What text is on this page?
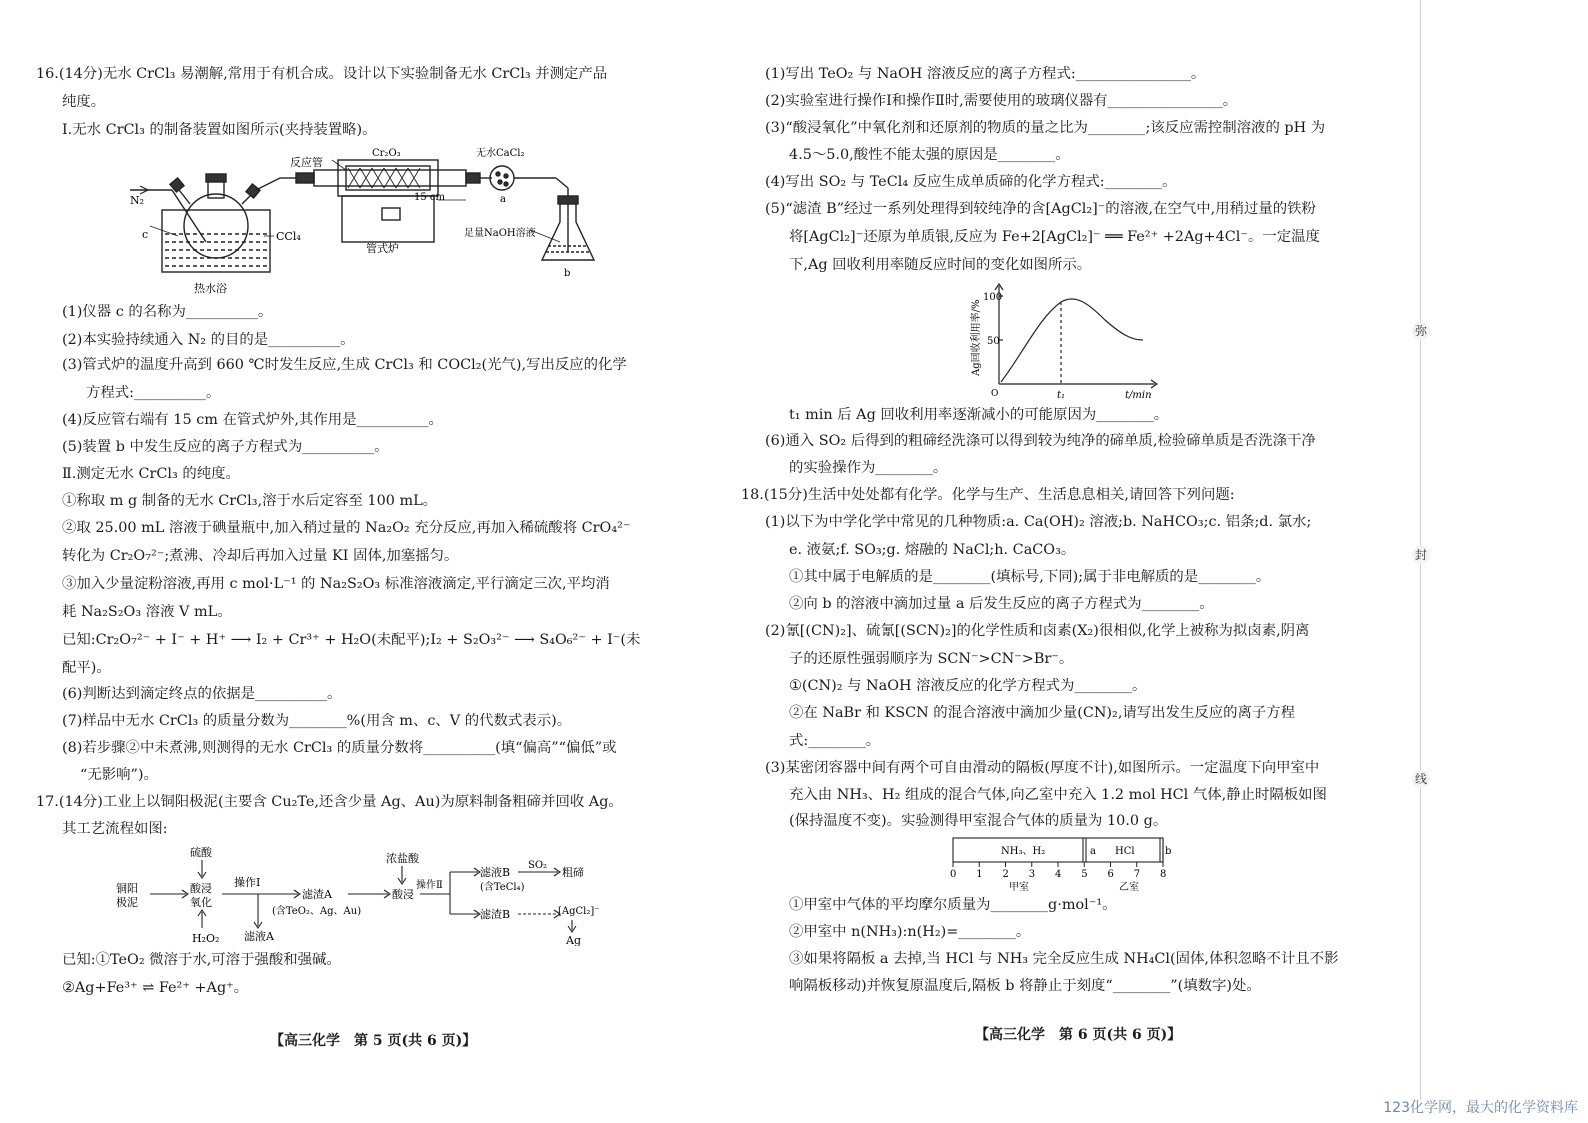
16.(14分)无水 CrCl₃ 易潮解,常用于有机合成。设计以下实验制备无水 CrCl₃ 并测定产品
纯度。
Ⅰ.无水 CrCl₃ 的制备装置如图所示(夹持装置略)。
N₂
c	CCl₄
热水浴
反应管
Cr₂O₃
管式炉
15 cm
无水CaCl₂
a
足量NaOH溶液
b
(1)仪器 c 的名称为__________。
(2)本实验持续通入 N₂ 的目的是__________。
(3)管式炉的温度升高到 660 ℃时发生反应,生成 CrCl₃ 和 COCl₂(光气),写出反应的化学
方程式:__________。
(4)反应管右端有 15 cm 在管式炉外,其作用是__________。
(5)装置 b 中发生反应的离子方程式为__________。
Ⅱ.测定无水 CrCl₃ 的纯度。
①称取 m g 制备的无水 CrCl₃,溶于水后定容至 100 mL。
②取 25.00 mL 溶液于碘量瓶中,加入稍过量的 Na₂O₂ 充分反应,再加入稀硫酸将 CrO₄²⁻
转化为 Cr₂O₇²⁻;煮沸、冷却后再加入过量 KI 固体,加塞摇匀。
③加入少量淀粉溶液,再用 c mol·L⁻¹ 的 Na₂S₂O₃ 标准溶液滴定,平行滴定三次,平均消
耗 Na₂S₂O₃ 溶液 V mL。
已知:Cr₂O₇²⁻ + I⁻ + H⁺ ⟶ I₂ + Cr³⁺ + H₂O(未配平);I₂ + S₂O₃²⁻ ⟶ S₄O₆²⁻ + I⁻(未
配平)。
(6)判断达到滴定终点的依据是__________。
(7)样品中无水 CrCl₃ 的质量分数为________%(用含 m、c、V 的代数式表示)。
(8)若步骤②中未煮沸,则测得的无水 CrCl₃ 的质量分数将__________(填“偏高”“偏低”或
“无影响”)。
17.(14分)工业上以铜阳极泥(主要含 Cu₂Te,还含少量 Ag、Au)为原料制备粗碲并回收 Ag。
其工艺流程如图:
铜阳
极泥
硫酸
酸浸
氧化
H₂O₂
操作Ⅰ
滤渣A
(含TeO₂、Ag、Au)
滤液A
浓盐酸
酸浸
操作Ⅱ
滤液B
(含TeCl₄)
SO₂
粗碲
滤渣B	[AgCl₂]⁻
Ag
已知:①TeO₂ 微溶于水,可溶于强酸和强碱。
②Ag+Fe³⁺ ⇌ Fe²⁺ +Ag⁺。
【高三化学　第 5 页(共 6 页)】
(1)写出 TeO₂ 与 NaOH 溶液反应的离子方程式:________________。
(2)实验室进行操作Ⅰ和操作Ⅱ时,需要使用的玻璃仪器有________________。
(3)“酸浸氧化”中氧化剂和还原剂的物质的量之比为________;该反应需控制溶液的 pH 为
4.5～5.0,酸性不能太强的原因是________。
(4)写出 SO₂ 与 TeCl₄ 反应生成单质碲的化学方程式:________。
(5)“滤渣 B”经过一系列处理得到较纯净的含[AgCl₂]⁻的溶液,在空气中,用稍过量的铁粉
将[AgCl₂]⁻还原为单质银,反应为 Fe+2[AgCl₂]⁻ ══ Fe²⁺ +2Ag+4Cl⁻。一定温度
下,Ag 回收利用率随反应时间的变化如图所示。
100
50
O	t₁	t/min
Ag回收利用率/%
t₁ min 后 Ag 回收利用率逐渐减小的可能原因为________。
(6)通入 SO₂ 后得到的粗碲经洗涤可以得到较为纯净的碲单质,检验碲单质是否洗涤干净
的实验操作为________。
18.(15分)生活中处处都有化学。化学与生产、生活息息相关,请回答下列问题:
(1)以下为中学化学中常见的几种物质:a. Ca(OH)₂ 溶液;b. NaHCO₃;c. 铝条;d. 氯水;
e. 液氨;f. SO₃;g. 熔融的 NaCl;h. CaCO₃。
①其中属于电解质的是________(填标号,下同);属于非电解质的是________。
②向 b 的溶液中滴加过量 a 后发生反应的离子方程式为________。
(2)氰[(CN)₂]、硫氰[(SCN)₂]的化学性质和卤素(X₂)很相似,化学上被称为拟卤素,阴离
子的还原性强弱顺序为 SCN⁻>CN⁻>Br⁻。
①(CN)₂ 与 NaOH 溶液反应的化学方程式为________。
②在 NaBr 和 KSCN 的混合溶液中滴加少量(CN)₂,请写出发生反应的离子方程
式:________。
(3)某密闭容器中间有两个可自由滑动的隔板(厚度不计),如图所示。一定温度下向甲室中
充入由 NH₃、H₂ 组成的混合气体,向乙室中充入 1.2 mol HCl 气体,静止时隔板如图
(保持温度不变)。实验测得甲室混合气体的质量为 10.0 g。
NH₃、H₂	a HCl	b
0 1 2 3 4 5 6 7 8
甲室	乙室
①甲室中气体的平均摩尔质量为________g·mol⁻¹。
②甲室中 n(NH₃):n(H₂)=________。
③如果将隔板 a 去掉,当 HCl 与 NH₃ 完全反应生成 NH₄Cl(固体,体积忽略不计且不影
响隔板移动)并恢复原温度后,隔板 b 将静止于刻度“________”(填数字)处。
【高三化学　第 6 页(共 6 页)】
弥
封
线
123化学网，最大的化学资料库
